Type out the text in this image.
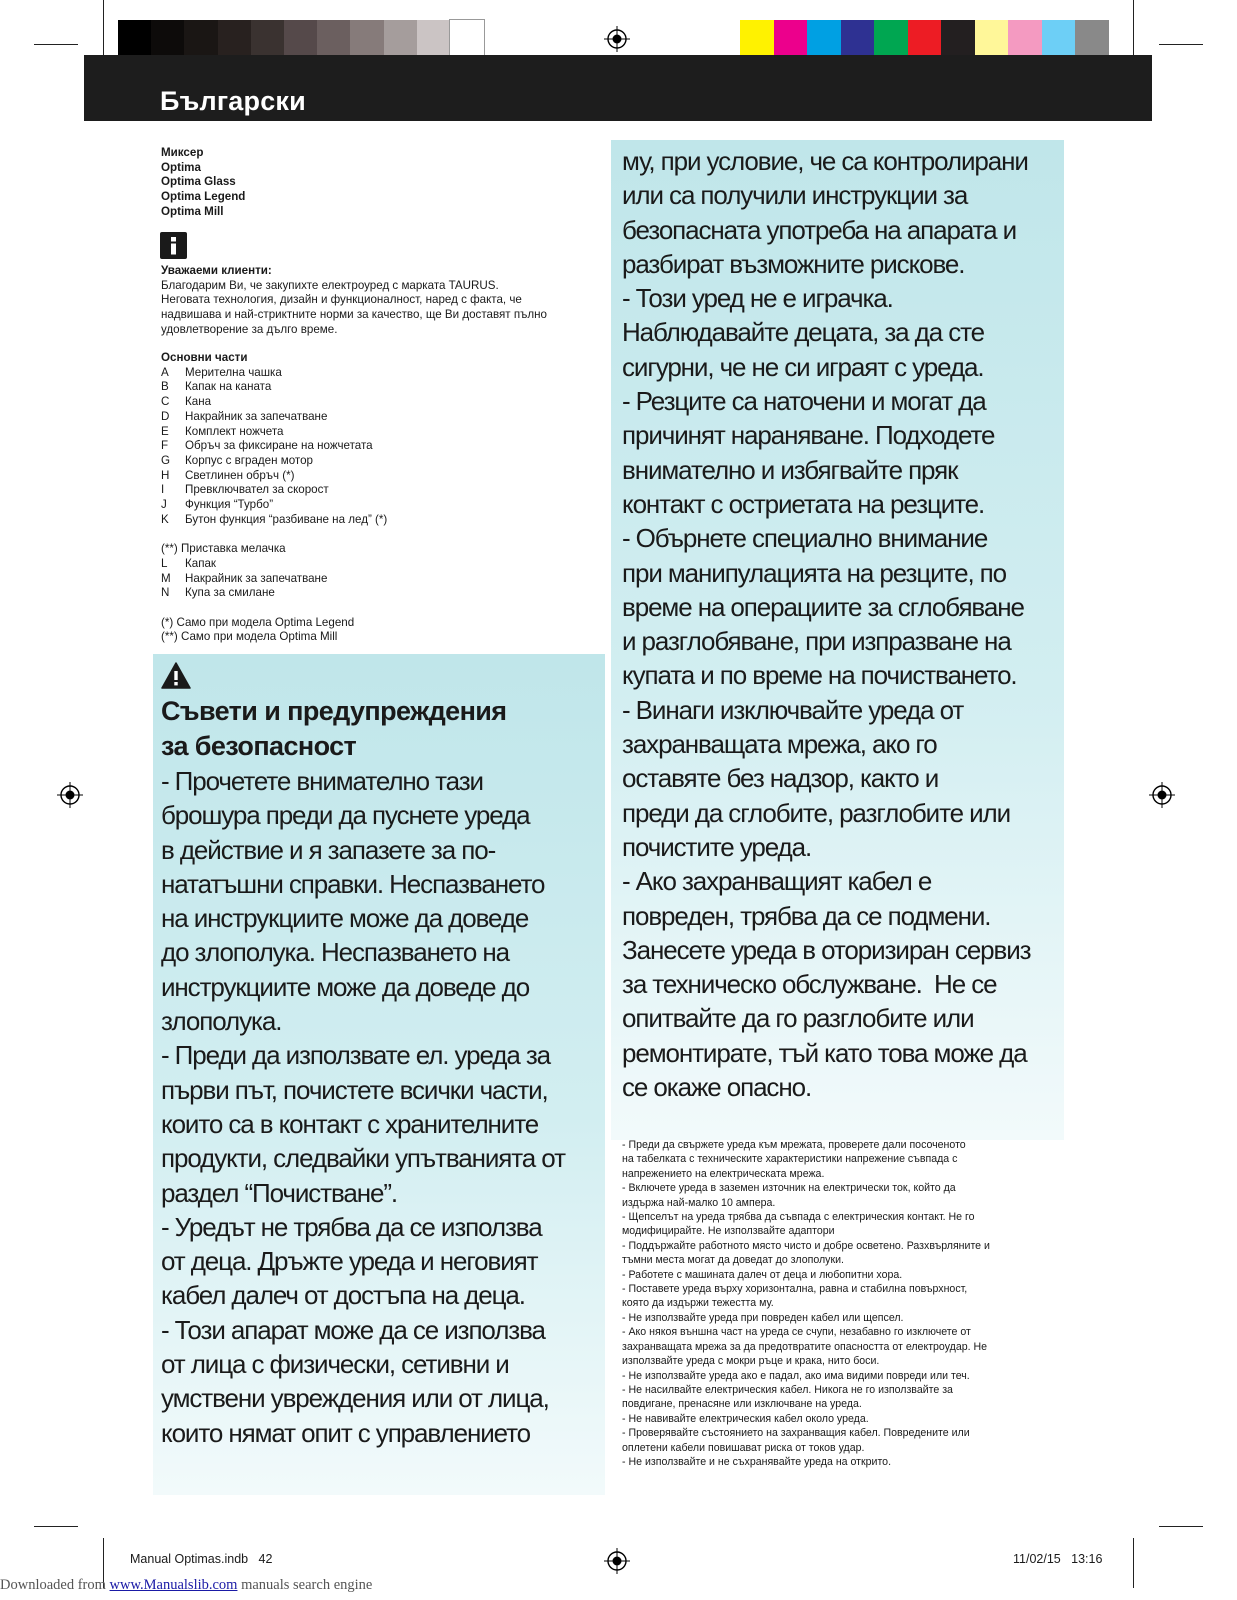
Български
Миксер
Optima
Optima Glass
Optima Legend
Optima Mill
Уважаеми клиенти:
Благодарим Ви, че закупихте електроуред с марката TAURUS.
Неговата технология, дизайн и функционалност, наред с факта, че
надвишава и най-стриктните норми за качество, ще Ви доставят пълно
удовлетворение за дълго време.
Основни части
A	Мерителна чашка
B	Капак на каната
C	Кана
D	Накрайник за запечатване
E	Комплект ножчета
F	Обръч за фиксиране на ножчетата
G	Корпус с вграден мотор
H	Светлинен обръч (*)
I	Превключвател за скорост
J	Функция “Турбо”
K	Бутон функция “разбиване на лед” (*)
(**) Приставка мелачка
L	Капак
M	Накрайник за запечатване
N	Купа за смилане
(*) Само при модела Optima Legend
(**) Само при модела Optima Mill
Съвети и предупреждения
за безопасност
- Прочетете внимателно тази
брошура преди да пуснете уреда
в действие и я запазете за по-
нататъшни справки. Неспазването
на инструкциите може да доведе
до злополука. Неспазването на
инструкциите може да доведе до
злополука.
- Преди да използвате ел. уреда за
първи път, почистете всички части,
които са в контакт с хранителните
продукти, следвайки упътванията от
раздел “Почистване”.
- Уредът не трябва да се използва
от деца. Дръжте уреда и неговият
кабел далеч от достъпа на деца.
- Този апарат може да се използва
от лица с физически, сетивни и
умствени увреждения или от лица,
които нямат опит с управлението
му, при условие, че са контролирани
или са получили инструкции за
безопасната употреба на апарата и
разбират възможните рискове.
- Този уред не е играчка.
Наблюдавайте децата, за да сте
сигурни, че не си играят с уреда.
- Резците са наточени и могат да
причинят нараняване. Подходете
внимателно и избягвайте пряк
контакт с остриетата на резците.
- Обърнете специално внимание
при манипулацията на резците, по
време на операциите за сглобяване
и разглобяване, при изпразване на
купата и по време на почистването.
- Винаги изключвайте уреда от
захранващата мрежа, ако го
оставяте без надзор, както и
преди да сглобите, разглобите или
почистите уреда.
- Ако захранващият кабел е
повреден, трябва да се подмени.
Занесете уреда в оторизиран сервиз
за техническо обслужване.  Не се
опитвайте да го разглобите или
ремонтирате, тъй като това може да
се окаже опасно.
- Преди да свържете уреда към мрежата, проверете дали посоченото
на табелката с техническите характеристики напрежение съвпада с
напрежението на електрическата мрежа.
- Включете уреда в заземен източник на електрически ток, който да
издържа най-малко 10 ампера.
- Щепселът на уреда трябва да съвпада с електрическия контакт. Не го
модифицирайте. Не използвайте адаптори
- Поддържайте работното място чисто и добре осветено. Разхвърляните и
тъмни места могат да доведат до злополуки.
- Работете с машината далеч от деца и любопитни хора.
- Поставете уреда върху хоризонтална, равна и стабилна повърхност,
която да издържи тежестта му.
- Не използвайте уреда при повреден кабел или щепсел.
- Ако някоя външна част на уреда се счупи, незабавно го изключете от
захранващата мрежа за да предотвратите опасността от електроудар. Не
използвайте уреда с мокри ръце и крака, нито боси.
- Не използвайте уреда ако е падал, ако има видими повреди или теч.
- Не насилвайте електрическия кабел. Никога не го използвайте за
повдигане, пренасяне или изключване на уреда.
- Не навивайте електрическия кабел около уреда.
- Проверявайте състоянието на захранващия кабел. Повредените или
оплетени кабели повишават риска от токов удар.
- Не използвайте и не съхранявайте уреда на открито.
Manual Optimas.indb   42	11/02/15   13:16
Downloaded from www.Manualslib.com manuals search engine
